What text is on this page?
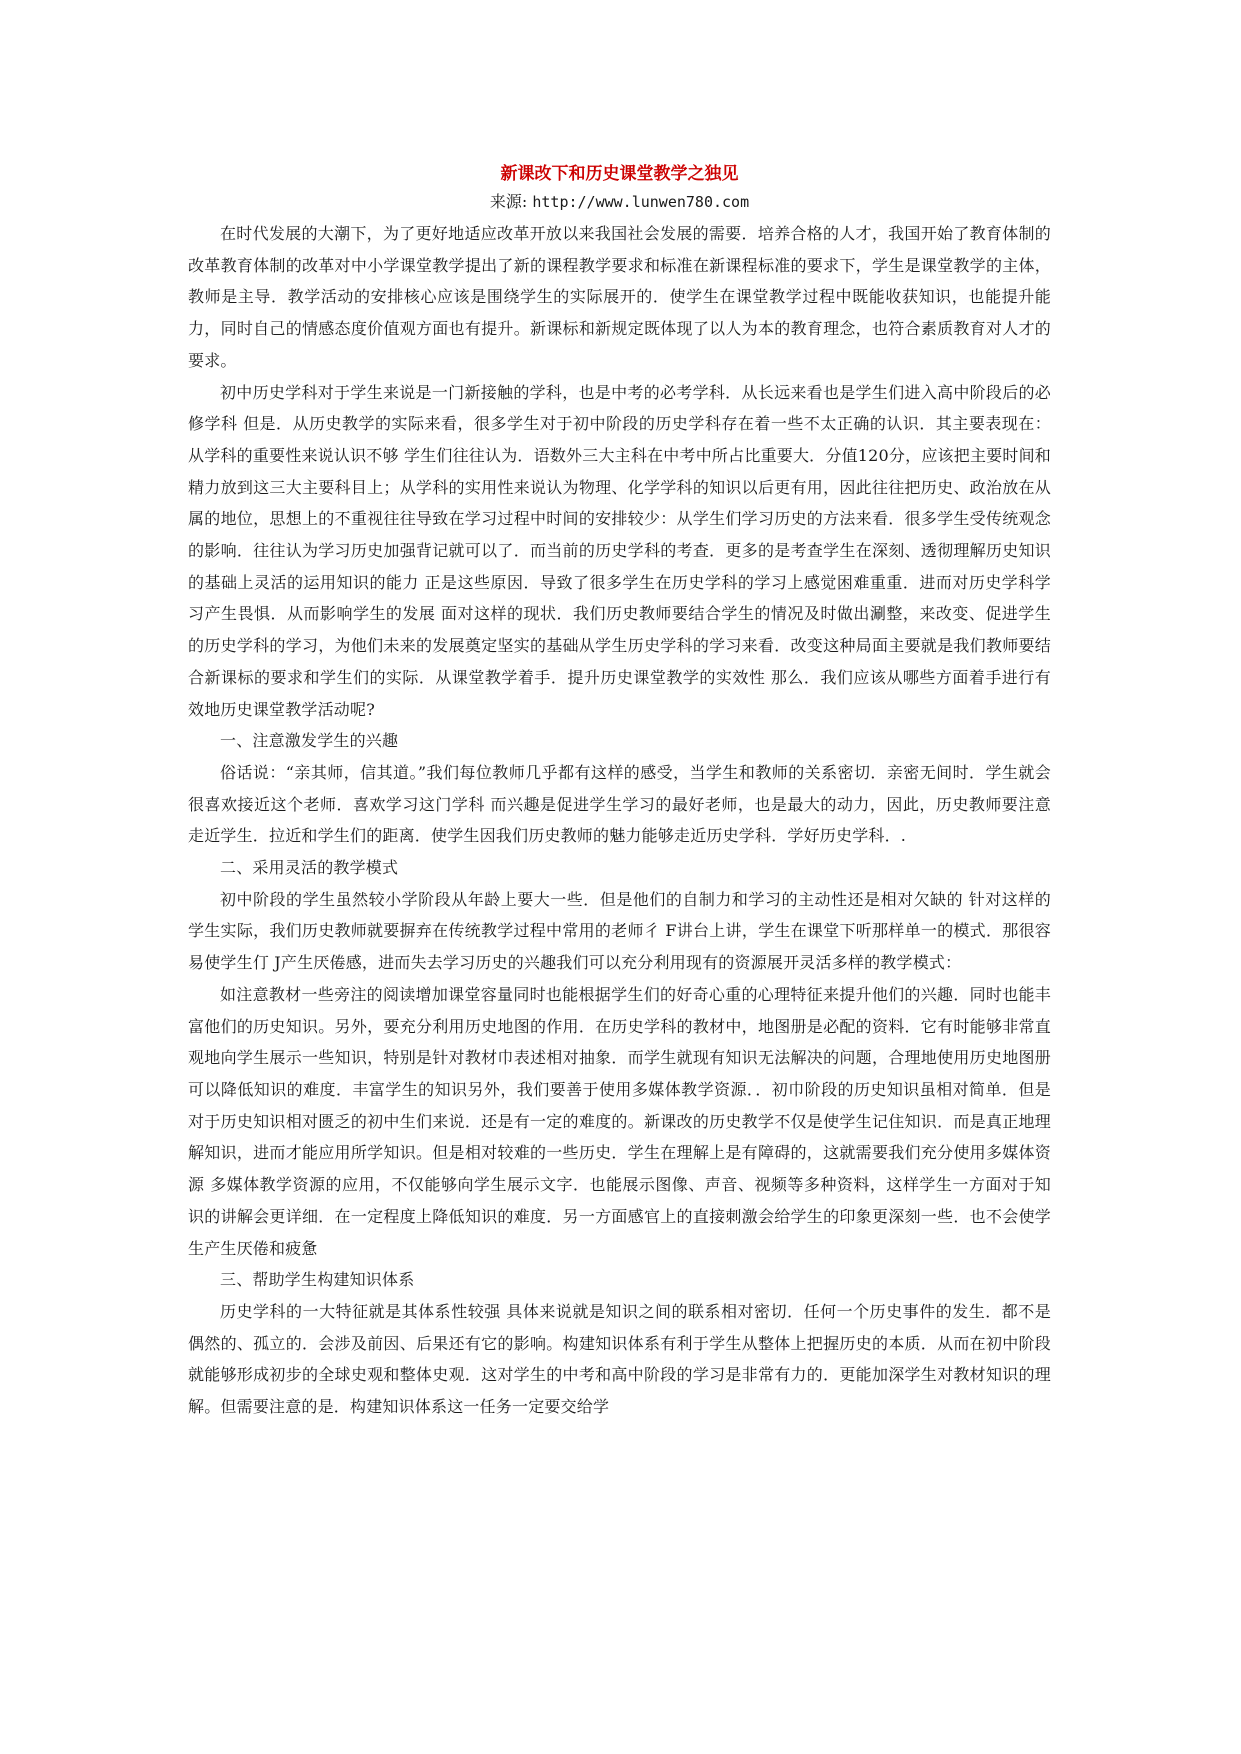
新课改下和历史课堂教学之独见

来源: http://www.lunwen780.com

在时代发展的大潮下，为了更好地适应改革开放以来我国社会发展的需要．培养合格的人才，我国开始了教育体制的改革教育体制的改革对中小学课堂教学提出了新的课程教学要求和标准在新课程标准的要求下，学生是课堂教学的主体，教师是主导．教学活动的安排核心应该是围绕学生的实际展开的．使学生在课堂教学过程中既能收获知识，也能提升能力，同时自己的情感态度价值观方面也有提升。新课标和新规定既体现了以人为本的教育理念，也符合素质教育对人才的要求。

初中历史学科对于学生来说是一门新接触的学科，也是中考的必考学科．从长远来看也是学生们进入高中阶段后的必修学科 但是．从历史教学的实际来看，很多学生对于初中阶段的历史学科存在着一些不太正确的认识．其主要表现在：从学科的重要性来说认识不够 学生们往往认为．语数外三大主科在中考中所占比重要大．分值120分，应该把主要时间和精力放到这三大主要科目上；从学科的实用性来说认为物理、化学学科的知识以后更有用，因此往往把历史、政治放在从属的地位，思想上的不重视往往导致在学习过程中时间的安排较少：从学生们学习历史的方法来看．很多学生受传统观念的影响．往往认为学习历史加强背记就可以了．而当前的历史学科的考查．更多的是考查学生在深刻、透彻理解历史知识的基础上灵活的运用知识的能力 正是这些原因．导致了很多学生在历史学科的学习上感觉困难重重．进而对历史学科学习产生畏惧．从而影响学生的发展 面对这样的现状．我们历史教师要结合学生的情况及时做出涮整，来改变、促进学生的历史学科的学习，为他们未来的发展奠定坚实的基础从学生历史学科的学习来看．改变这种局面主要就是我们教师要结合新课标的要求和学生们的实际．从课堂教学着手．提升历史课堂教学的实效性 那么．我们应该从哪些方面着手进行有效地历史课堂教学活动呢?

一、注意激发学生的兴趣

俗话说：“亲其师，信其道。”我们每位教师几乎都有这样的感受，当学生和教师的关系密切．亲密无间时．学生就会很喜欢接近这个老师．喜欢学习这门学科 而兴趣是促进学生学习的最好老师，也是最大的动力，因此，历史教师要注意走近学生．拉近和学生们的距离．使学生因我们历史教师的魅力能够走近历史学科．学好历史学科．.

二、采用灵活的教学模式

初中阶段的学生虽然较小学阶段从年龄上要大一些．但是他们的自制力和学习的主动性还是相对欠缺的 针对这样的学生实际，我们历史教师就要摒弃在传统教学过程中常用的老师彳 F讲台上讲，学生在课堂下听那样单一的模式．那很容易使学生仃 J产生厌倦感，进而失去学习历史的兴趣我们可以充分利用现有的资源展开灵活多样的教学模式：

如注意教材一些旁注的阅读增加课堂容量同时也能根据学生们的好奇心重的心理特征来提升他们的兴趣．同时也能丰富他们的历史知识。另外，要充分利用历史地图的作用．在历史学科的教材中，地图册是必配的资料．它有时能够非常直观地向学生展示一些知识，特别是针对教材巾表述相对抽象．而学生就现有知识无法解决的问题，合理地使用历史地图册可以降低知识的难度．丰富学生的知识另外，我们要善于使用多媒体教学资源．．初巾阶段的历史知识虽相对简单．但是对于历史知识相对匮乏的初中生们来说．还是有一定的难度的。新课改的历史教学不仅是使学生记住知识．而是真正地理解知识，进而才能应用所学知识。但是相对较难的一些历史．学生在理解上是有障碍的，这就需要我们充分使用多媒体资源 多媒体教学资源的应用，不仅能够向学生展示文字．也能展示图像、声音、视频等多种资料，这样学生一方面对于知识的讲解会更详细．在一定程度上降低知识的难度．另一方面感官上的直接刺激会给学生的印象更深刻一些．也不会使学生产生厌倦和疲惫

三、帮助学生构建知识体系

历史学科的一大特征就是其体系性较强 具体来说就是知识之间的联系相对密切．任何一个历史事件的发生．都不是偶然的、孤立的．会涉及前因、后果还有它的影响。构建知识体系有利于学生从整体上把握历史的本质．从而在初中阶段就能够形成初步的全球史观和整体史观．这对学生的中考和高中阶段的学习是非常有力的．更能加深学生对教材知识的理解。但需要注意的是．构建知识体系这一任务一定要交给学
